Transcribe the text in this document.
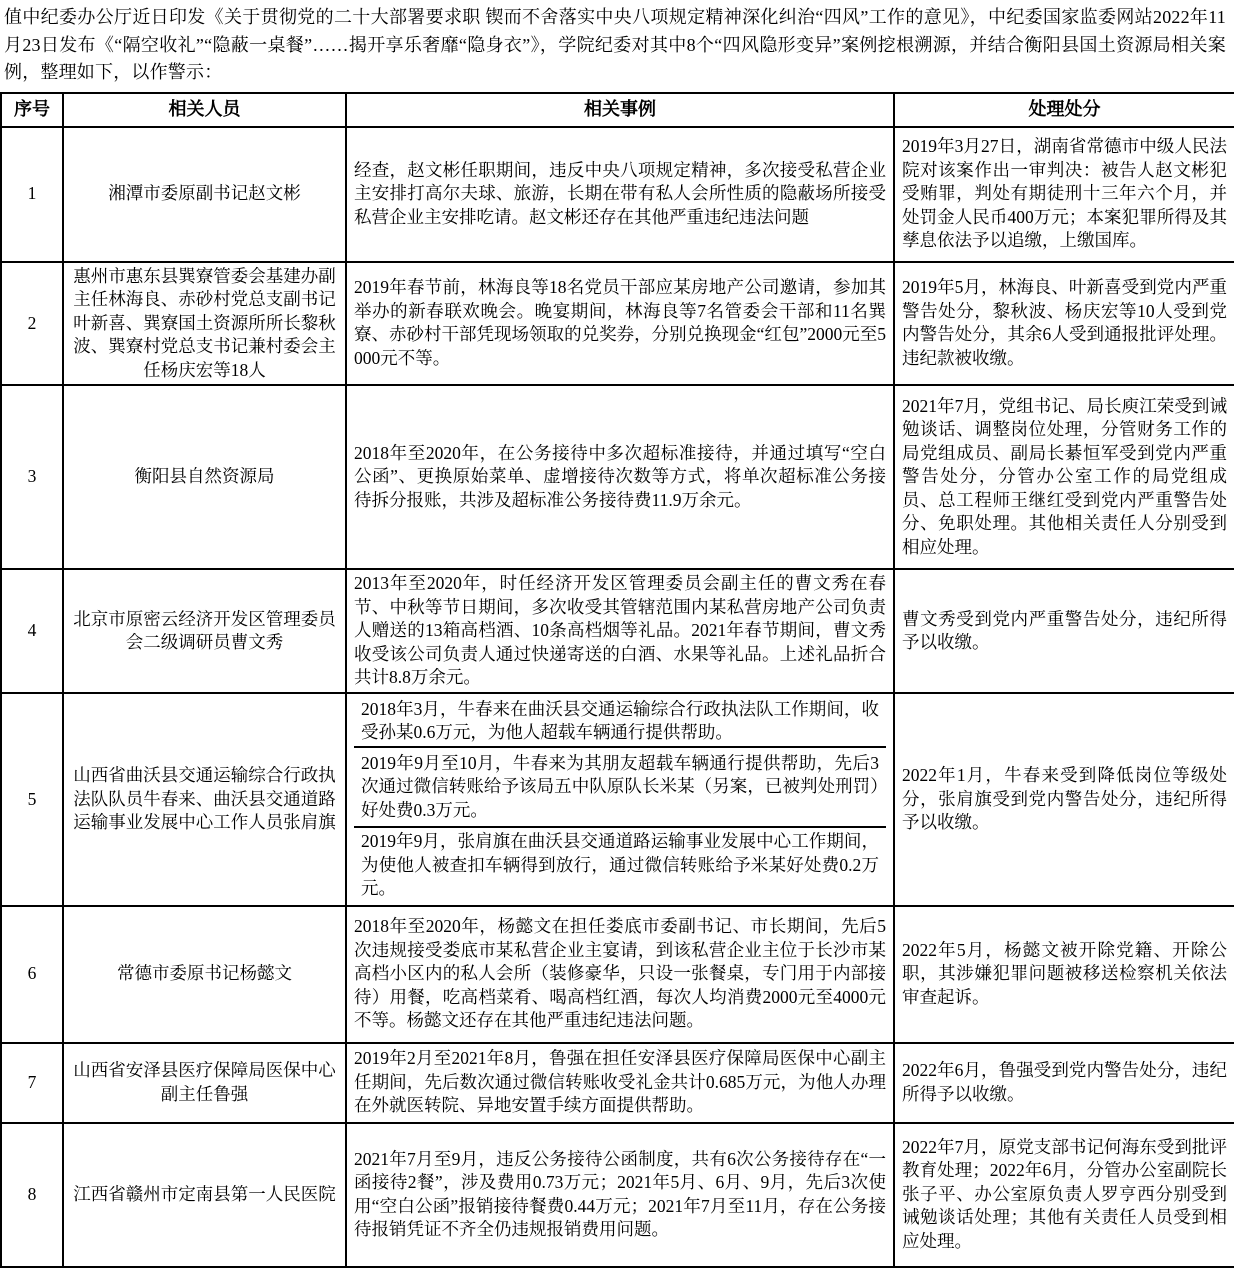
值中纪委办公厅近日印发《关于贯彻党的二十大部署要求职 锲而不舍落实中央八项规定精神深化纠治“四风”工作的意见》，中纪委国家监委网站2022年11月23日发布《“隔空收礼”“隐蔽一桌餐”……揭开享乐奢靡“隐身衣”》，学院纪委对其中8个“四风隐形变异”案例挖根溯源，并结合衡阳县国土资源局相关案例，整理如下，以作警示：

序号	相关人员	相关事例	处理处分
1	湘潭市委原副书记赵文彬	经查，赵文彬任职期间，违反中央八项规定精神，多次接受私营企业主安排打高尔夫球、旅游，长期在带有私人会所性质的隐蔽场所接受私营企业主安排吃请。赵文彬还存在其他严重违纪违法问题	2019年3月27日，湖南省常德市中级人民法院对该案作出一审判决：被告人赵文彬犯受贿罪，判处有期徒刑十三年六个月，并处罚金人民币400万元；本案犯罪所得及其孳息依法予以追缴，上缴国库。
2	惠州市惠东县巽寮管委会基建办副主任林海良、赤砂村党总支副书记叶新喜、巽寮国土资源所所长黎秋波、巽寮村党总支书记兼村委会主任杨庆宏等18人	2019年春节前，林海良等18名党员干部应某房地产公司邀请，参加其举办的新春联欢晚会。晚宴期间，林海良等7名管委会干部和11名巽寮、赤砂村干部凭现场领取的兑奖券，分别兑换现金“红包”2000元至5000元不等。	2019年5月，林海良、叶新喜受到党内严重警告处分，黎秋波、杨庆宏等10人受到党内警告处分，其余6人受到通报批评处理。违纪款被收缴。
3	衡阳县自然资源局	2018年至2020年，在公务接待中多次超标准接待，并通过填写“空白公函”、更换原始菜单、虚增接待次数等方式，将单次超标准公务接待拆分报账，共涉及超标准公务接待费11.9万余元。	2021年7月，党组书记、局长庾江荣受到诫勉谈话、调整岗位处理，分管财务工作的局党组成员、副局长綦恒军受到党内严重警告处分，分管办公室工作的局党组成员、总工程师王继红受到党内严重警告处分、免职处理。其他相关责任人分别受到相应处理。
4	北京市原密云经济开发区管理委员会二级调研员曹文秀	2013年至2020年，时任经济开发区管理委员会副主任的曹文秀在春节、中秋等节日期间，多次收受其管辖范围内某私营房地产公司负责人赠送的13箱高档酒、10条高档烟等礼品。2021年春节期间，曹文秀收受该公司负责人通过快递寄送的白酒、水果等礼品。上述礼品折合共计8.8万余元。	曹文秀受到党内严重警告处分，违纪所得予以收缴。
5	山西省曲沃县交通运输综合行政执法队队员牛春来、曲沃县交通道路运输事业发展中心工作人员张肩旗	2018年3月，牛春来在曲沃县交通运输综合行政执法队工作期间，收受孙某0.6万元，为他人超载车辆通行提供帮助。

2019年9月至10月，牛春来为其朋友超载车辆通行提供帮助，先后3次通过微信转账给予该局五中队原队长米某（另案，已被判处刑罚）好处费0.3万元。

2019年9月，张肩旗在曲沃县交通道路运输事业发展中心工作期间，为使他人被查扣车辆得到放行，通过微信转账给予米某好处费0.2万元。	2022年1月，牛春来受到降低岗位等级处分，张肩旗受到党内警告处分，违纪所得予以收缴。
6	常德市委原书记杨懿文	2018年至2020年，杨懿文在担任娄底市委副书记、市长期间，先后5次违规接受娄底市某私营企业主宴请，到该私营企业主位于长沙市某高档小区内的私人会所（装修豪华，只设一张餐桌，专门用于内部接待）用餐，吃高档菜肴、喝高档红酒，每次人均消费2000元至4000元不等。杨懿文还存在其他严重违纪违法问题。	2022年5月，杨懿文被开除党籍、开除公职，其涉嫌犯罪问题被移送检察机关依法审查起诉。
7	山西省安泽县医疗保障局医保中心副主任鲁强	2019年2月至2021年8月，鲁强在担任安泽县医疗保障局医保中心副主任期间，先后数次通过微信转账收受礼金共计0.685万元，为他人办理在外就医转院、异地安置手续方面提供帮助。	2022年6月，鲁强受到党内警告处分，违纪所得予以收缴。
8	江西省赣州市定南县第一人民医院	2021年7月至9月，违反公务接待公函制度，共有6次公务接待存在“一函接待2餐”，涉及费用0.73万元；2021年5月、6月、9月，先后3次使用“空白公函”报销接待餐费0.44万元；2021年7月至11月，存在公务接待报销凭证不齐全仍违规报销费用问题。	2022年7月，原党支部书记何海东受到批评教育处理；2022年6月，分管办公室副院长张子平、办公室原负责人罗亨西分别受到诫勉谈话处理；其他有关责任人员受到相应处理。
